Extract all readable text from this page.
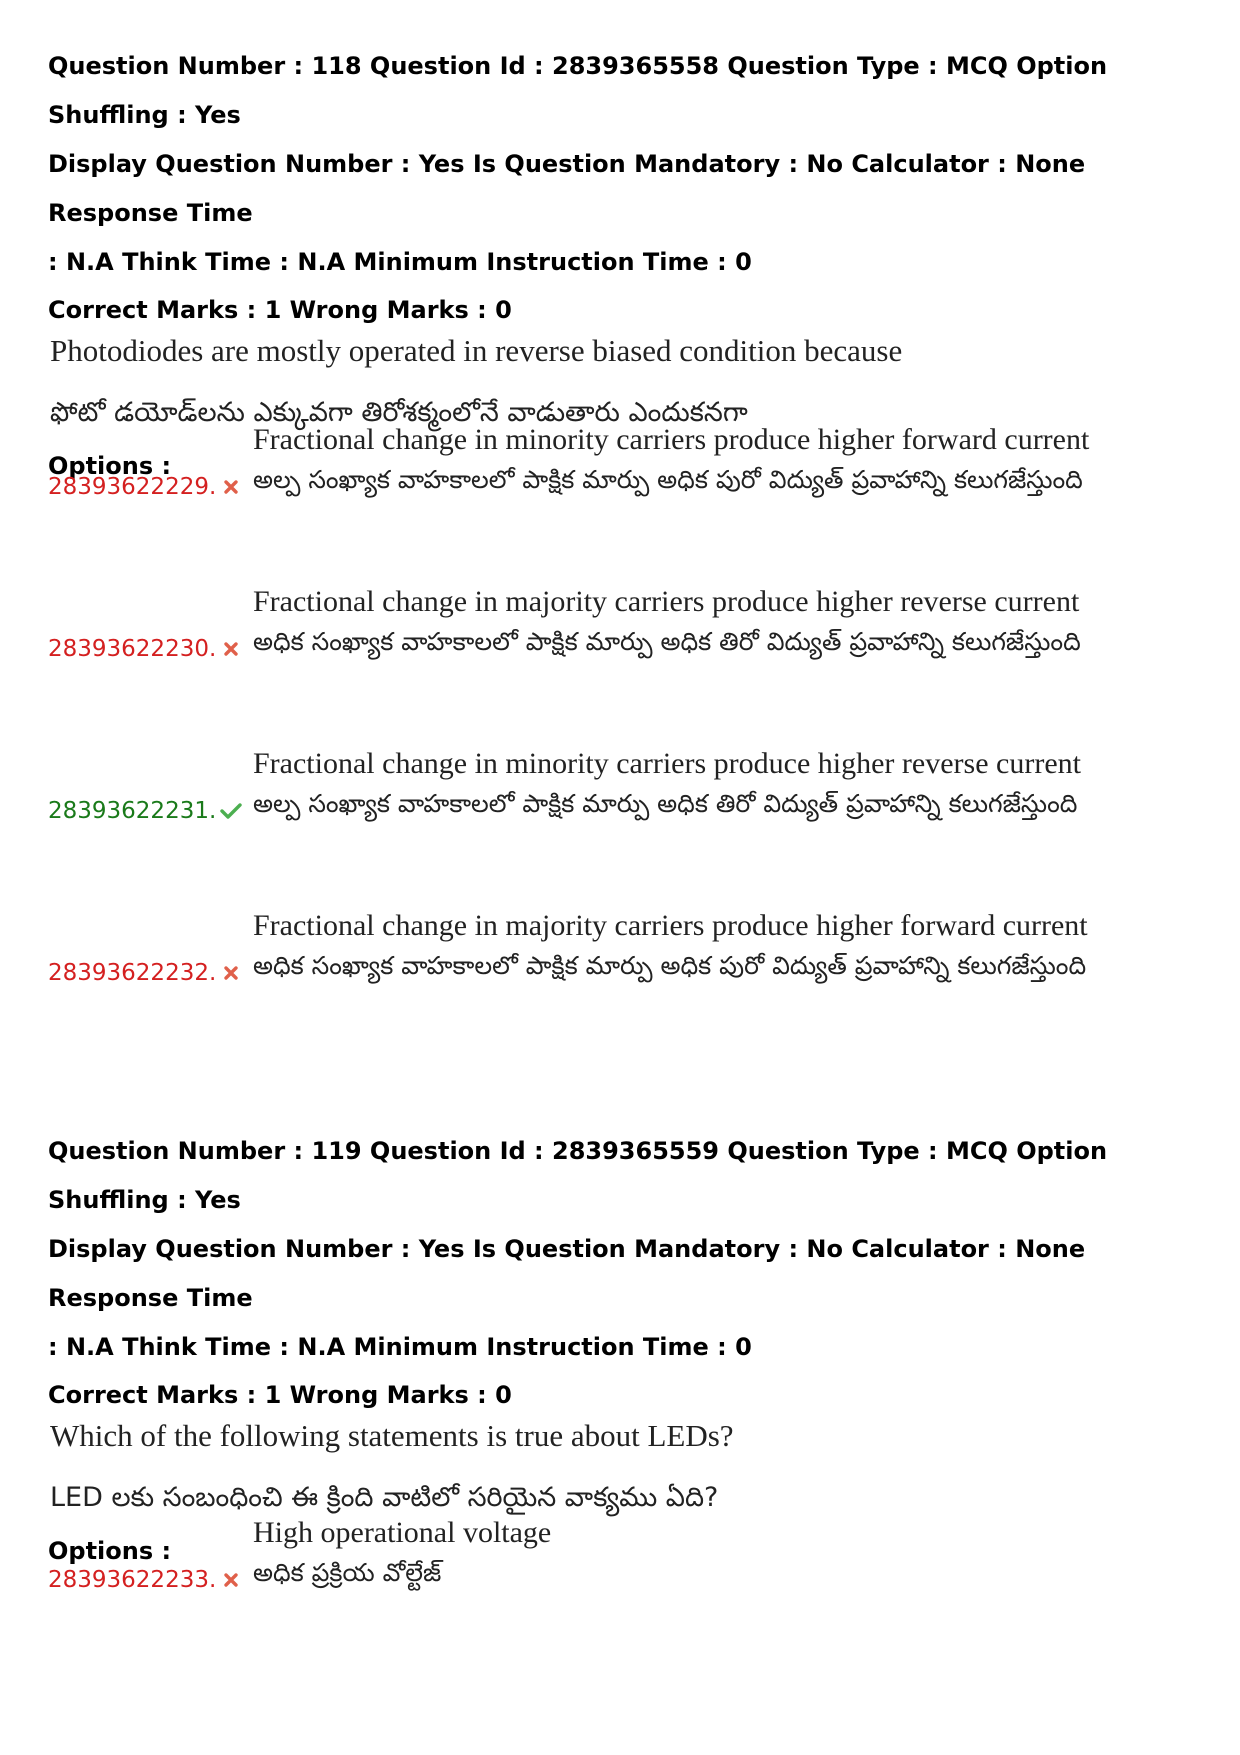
Question Number : 118 Question Id : 2839365558 Question Type : MCQ Option Shuffling : Yes
Display Question Number : Yes Is Question Mandatory : No Calculator : None Response Time
: N.A Think Time : N.A Minimum Instruction Time : 0

Correct Marks : 1 Wrong Marks : 0

Photodiodes are mostly operated in reverse biased condition because

ఫోటో డయోడ్‌లను ఎక్కువగా తిరోశక్మంలోనే వాడుతారు ఎందుకనగా

Options :

28393622229.
Fractional change in minority carriers produce higher forward current
అల్ప సంఖ్యాక వాహకాలలో పాక్షిక మార్పు అధిక పురో విద్యుత్ ప్రవాహాన్ని కలుగజేస్తుంది
28393622230.
Fractional change in majority carriers produce higher reverse current
అధిక సంఖ్యాక వాహకాలలో పాక్షిక మార్పు అధిక తిరో విద్యుత్ ప్రవాహాన్ని కలుగజేస్తుంది
28393622231.
Fractional change in minority carriers produce higher reverse current
అల్ప సంఖ్యాక వాహకాలలో పాక్షిక మార్పు అధిక తిరో విద్యుత్ ప్రవాహాన్ని కలుగజేస్తుంది
28393622232.
Fractional change in majority carriers produce higher forward current
అధిక సంఖ్యాక వాహకాలలో పాక్షిక మార్పు అధిక పురో విద్యుత్ ప్రవాహాన్ని కలుగజేస్తుంది

Question Number : 119 Question Id : 2839365559 Question Type : MCQ Option Shuffling : Yes
Display Question Number : Yes Is Question Mandatory : No Calculator : None Response Time
: N.A Think Time : N.A Minimum Instruction Time : 0

Correct Marks : 1 Wrong Marks : 0

Which of the following statements is true about LEDs?

LED లకు సంబంధించి ఈ క్రింది వాటిలో సరియైన వాక్యము ఏది?

Options :

28393622233.
High operational voltage
అధిక ప్రక్రియ వోల్టేజ్
